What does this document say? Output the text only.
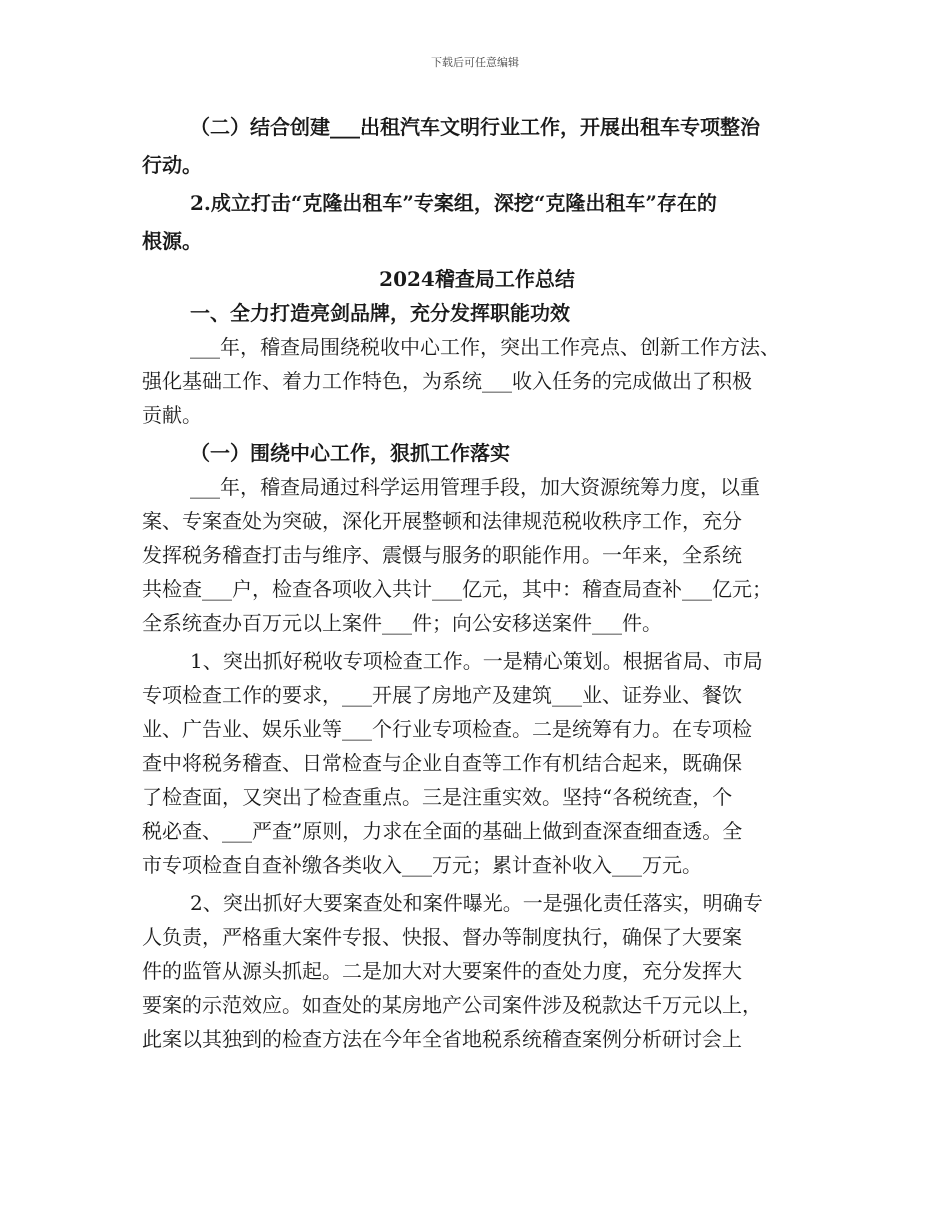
下载后可任意编辑
（二）结合创建___出租汽车文明行业工作，开展出租车专项整治
行动。
2.成立打击“克隆出租车”专案组，深挖“克隆出租车”存在的
根源。
2024稽查局工作总结
一、全力打造亮剑品牌，充分发挥职能功效
___年，稽查局围绕税收中心工作，突出工作亮点、创新工作方法、
强化基础工作、着力工作特色，为系统___收入任务的完成做出了积极
贡献。
（一）围绕中心工作，狠抓工作落实
___年，稽查局通过科学运用管理手段，加大资源统筹力度，以重
案、专案查处为突破，深化开展整顿和法律规范税收秩序工作，充分
发挥税务稽查打击与维序、震慑与服务的职能作用。一年来，全系统
共检查___户，检查各项收入共计___亿元，其中：稽查局查补___亿元；
全系统查办百万元以上案件___件；向公安移送案件___件。
1、突出抓好税收专项检查工作。一是精心策划。根据省局、市局
专项检查工作的要求，___开展了房地产及建筑___业、证券业、餐饮
业、广告业、娱乐业等___个行业专项检查。二是统筹有力。在专项检
查中将税务稽查、日常检查与企业自查等工作有机结合起来，既确保
了检查面，又突出了检查重点。三是注重实效。坚持“各税统查，个
税必查、___严查”原则，力求在全面的基础上做到查深查细查透。全
市专项检查自查补缴各类收入___万元；累计查补收入___万元。
2、突出抓好大要案查处和案件曝光。一是强化责任落实，明确专
人负责，严格重大案件专报、快报、督办等制度执行，确保了大要案
件的监管从源头抓起。二是加大对大要案件的查处力度，充分发挥大
要案的示范效应。如查处的某房地产公司案件涉及税款达千万元以上，
此案以其独到的检查方法在今年全省地税系统稽查案例分析研讨会上
